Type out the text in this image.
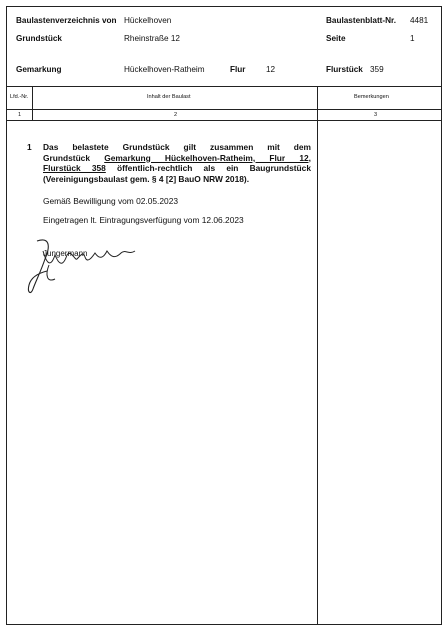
Baulastenverzeichnis von Hückelhoven	Baulastenblatt-Nr. 4481
Grundstück	Rheinstraße 12	Seite	1
Gemarkung	Hückelhoven-Ratheim	Flur	12	Flurstück 359
Lfd.-Nr.	Inhalt der Baulast	Bemerkungen
1	2	3
1 Das belastete Grundstück gilt zusammen mit dem
Grundstück Gemarkung Hückelhoven-Ratheim, Flur 12,
Flurstück 358 öffentlich-rechtlich als ein Baugrundstück
(Vereinigungsbaulast gem. § 4 [2] BauO NRW 2018).
Gemäß Bewilligung vom 02.05.2023
Eingetragen lt. Eintragungsverfügung vom 12.06.2023
Jungermann
